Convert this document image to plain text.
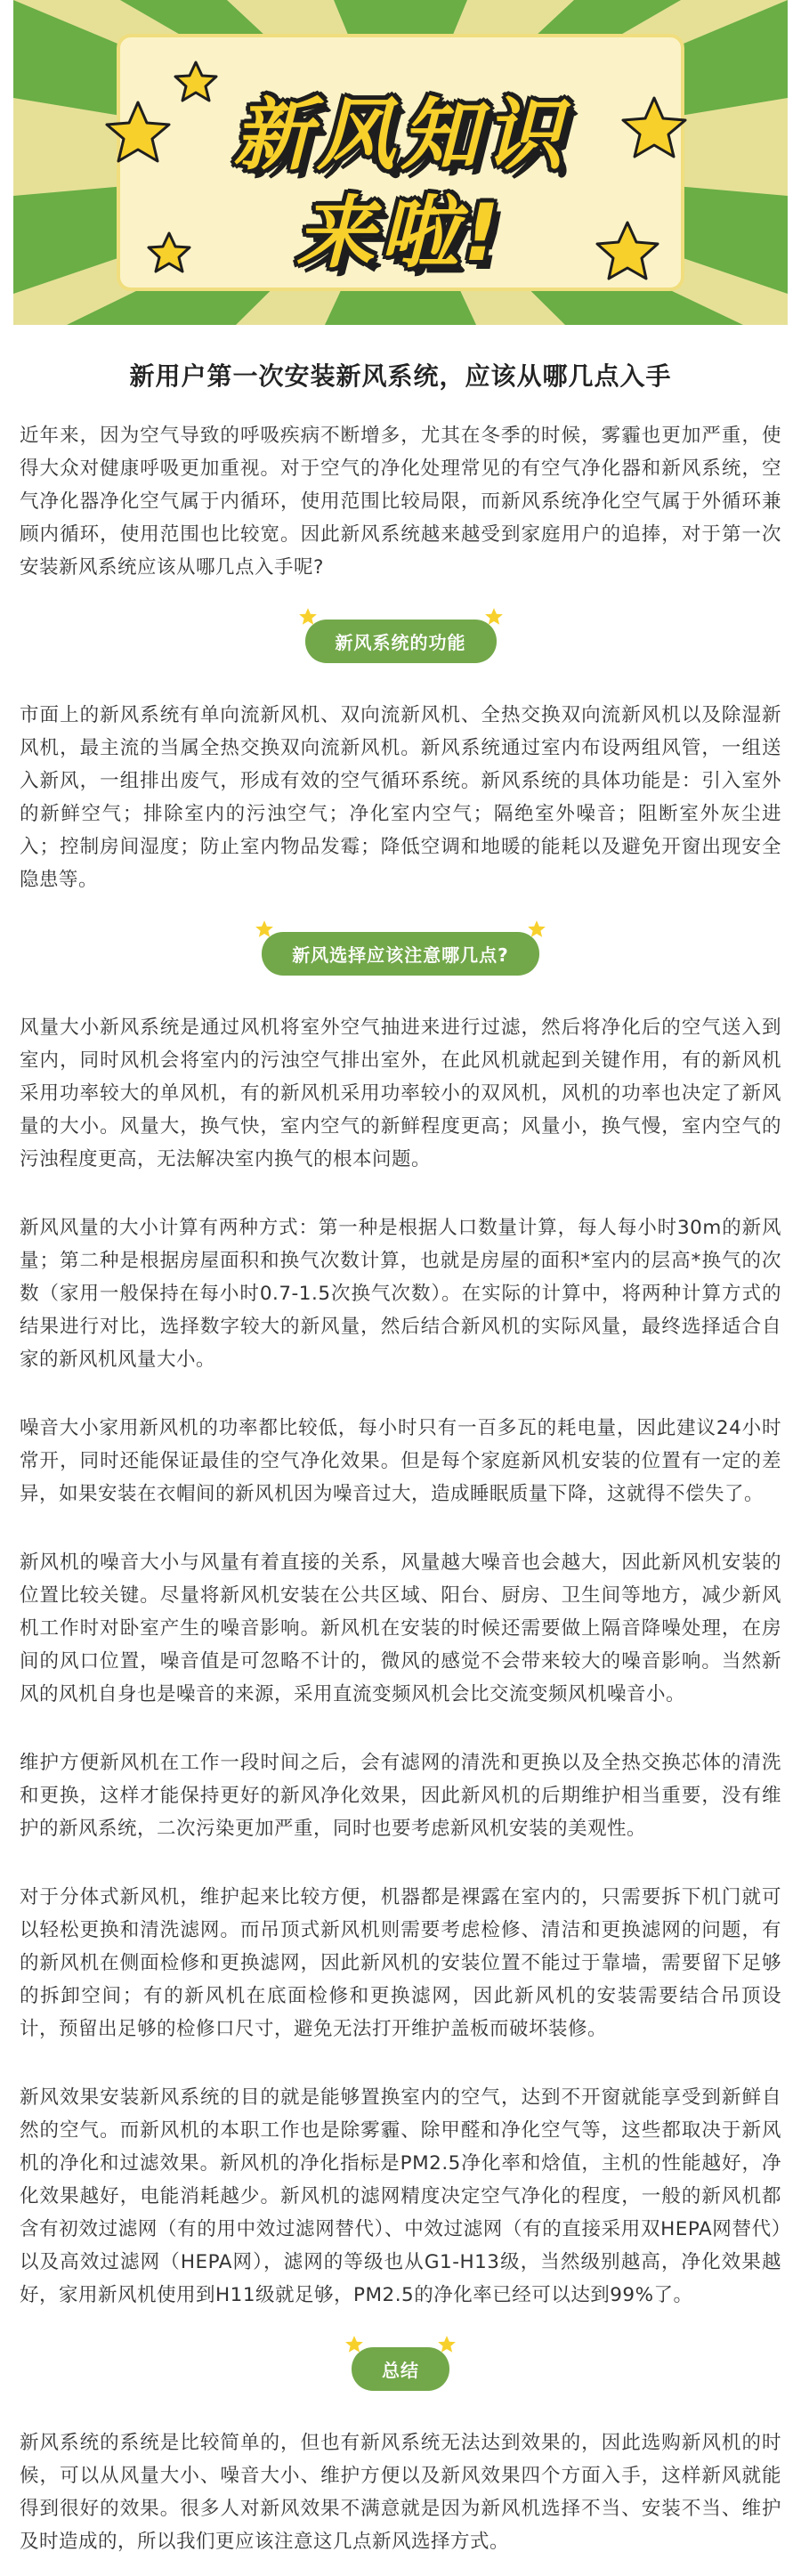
新风知识
来啦!
新用户第一次安装新风系统，应该从哪几点入手
近年来，因为空气导致的呼吸疾病不断增多，尤其在冬季的时候，雾霾也更加严重，使得大众对健康呼吸更加重视。对于空气的净化处理常见的有空气净化器和新风系统，空气净化器净化空气属于内循环，使用范围比较局限，而新风系统净化空气属于外循环兼顾内循环，使用范围也比较宽。因此新风系统越来越受到家庭用户的追捧，对于第一次安装新风系统应该从哪几点入手呢?
新风系统的功能
市面上的新风系统有单向流新风机、双向流新风机、全热交换双向流新风机以及除湿新风机，最主流的当属全热交换双向流新风机。新风系统通过室内布设两组风管，一组送入新风，一组排出废气，形成有效的空气循环系统。新风系统的具体功能是：引入室外的新鲜空气；排除室内的污浊空气；净化室内空气；隔绝室外噪音；阻断室外灰尘进入；控制房间湿度；防止室内物品发霉；降低空调和地暖的能耗以及避免开窗出现安全隐患等。
新风选择应该注意哪几点?
风量大小新风系统是通过风机将室外空气抽进来进行过滤，然后将净化后的空气送入到室内，同时风机会将室内的污浊空气排出室外，在此风机就起到关键作用，有的新风机采用功率较大的单风机，有的新风机采用功率较小的双风机，风机的功率也决定了新风量的大小。风量大，换气快，室内空气的新鲜程度更高；风量小，换气慢，室内空气的污浊程度更高，无法解决室内换气的根本问题。
新风风量的大小计算有两种方式：第一种是根据人口数量计算，每人每小时30m的新风量；第二种是根据房屋面积和换气次数计算，也就是房屋的面积*室内的层高*换气的次数（家用一般保持在每小时0.7-1.5次换气次数）。在实际的计算中，将两种计算方式的结果进行对比，选择数字较大的新风量，然后结合新风机的实际风量，最终选择适合自家的新风机风量大小。
噪音大小家用新风机的功率都比较低，每小时只有一百多瓦的耗电量，因此建议24小时常开，同时还能保证最佳的空气净化效果。但是每个家庭新风机安装的位置有一定的差异，如果安装在衣帽间的新风机因为噪音过大，造成睡眠质量下降，这就得不偿失了。
新风机的噪音大小与风量有着直接的关系，风量越大噪音也会越大，因此新风机安装的位置比较关键。尽量将新风机安装在公共区域、阳台、厨房、卫生间等地方，减少新风机工作时对卧室产生的噪音影响。新风机在安装的时候还需要做上隔音降噪处理，在房间的风口位置，噪音值是可忽略不计的，微风的感觉不会带来较大的噪音影响。当然新风的风机自身也是噪音的来源，采用直流变频风机会比交流变频风机噪音小。
维护方便新风机在工作一段时间之后，会有滤网的清洗和更换以及全热交换芯体的清洗和更换，这样才能保持更好的新风净化效果，因此新风机的后期维护相当重要，没有维护的新风系统，二次污染更加严重，同时也要考虑新风机安装的美观性。
对于分体式新风机，维护起来比较方便，机器都是裸露在室内的，只需要拆下机门就可以轻松更换和清洗滤网。而吊顶式新风机则需要考虑检修、清洁和更换滤网的问题，有的新风机在侧面检修和更换滤网，因此新风机的安装位置不能过于靠墙，需要留下足够的拆卸空间；有的新风机在底面检修和更换滤网，因此新风机的安装需要结合吊顶设计，预留出足够的检修口尺寸，避免无法打开维护盖板而破坏装修。
新风效果安装新风系统的目的就是能够置换室内的空气，达到不开窗就能享受到新鲜自然的空气。而新风机的本职工作也是除雾霾、除甲醛和净化空气等，这些都取决于新风机的净化和过滤效果。新风机的净化指标是PM2.5净化率和焓值，主机的性能越好，净化效果越好，电能消耗越少。新风机的滤网精度决定空气净化的程度，一般的新风机都含有初效过滤网（有的用中效过滤网替代）、中效过滤网（有的直接采用双HEPA网替代）以及高效过滤网（HEPA网），滤网的等级也从G1-H13级，当然级别越高，净化效果越好，家用新风机使用到H11级就足够，PM2.5的净化率已经可以达到99%了。
总结
新风系统的系统是比较简单的，但也有新风系统无法达到效果的，因此选购新风机的时候，可以从风量大小、噪音大小、维护方便以及新风效果四个方面入手，这样新风就能得到很好的效果。很多人对新风效果不满意就是因为新风机选择不当、安装不当、维护及时造成的，所以我们更应该注意这几点新风选择方式。
